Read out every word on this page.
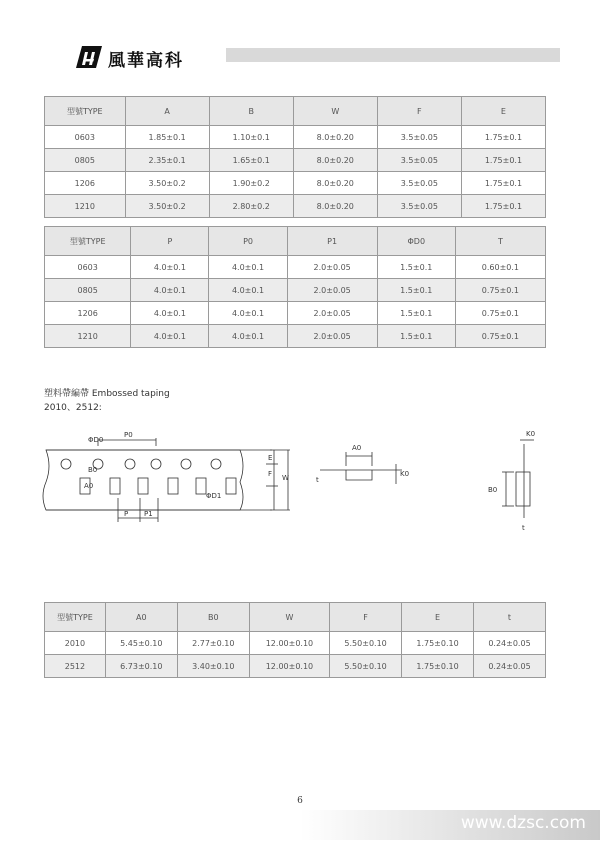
風華高科
型號TYPE	A	B	W	F	E
0603	1.85±0.1	1.10±0.1	8.0±0.20	3.5±0.05	1.75±0.1
0805	2.35±0.1	1.65±0.1	8.0±0.20	3.5±0.05	1.75±0.1
1206	3.50±0.2	1.90±0.2	8.0±0.20	3.5±0.05	1.75±0.1
1210	3.50±0.2	2.80±0.2	8.0±0.20	3.5±0.05	1.75±0.1
型號TYPE	P	P0	P1	ΦD0	T
0603	4.0±0.1	4.0±0.1	2.0±0.05	1.5±0.1	0.60±0.1
0805	4.0±0.1	4.0±0.1	2.0±0.05	1.5±0.1	0.75±0.1
1206	4.0±0.1	4.0±0.1	2.0±0.05	1.5±0.1	0.75±0.1
1210	4.0±0.1	4.0±0.1	2.0±0.05	1.5±0.1	0.75±0.1
塑料帶編帶 Embossed taping
2010、2512:
ΦD0
P0
B0
A0
ΦD1
P P1
E
F W
A0
t
K0
K0
B0
t
型號TYPE	A0	B0	W	F	E	t
2010	5.45±0.10	2.77±0.10	12.00±0.10	5.50±0.10	1.75±0.10	0.24±0.05
2512	6.73±0.10	3.40±0.10	12.00±0.10	5.50±0.10	1.75±0.10	0.24±0.05
6
www.dzsc.com
